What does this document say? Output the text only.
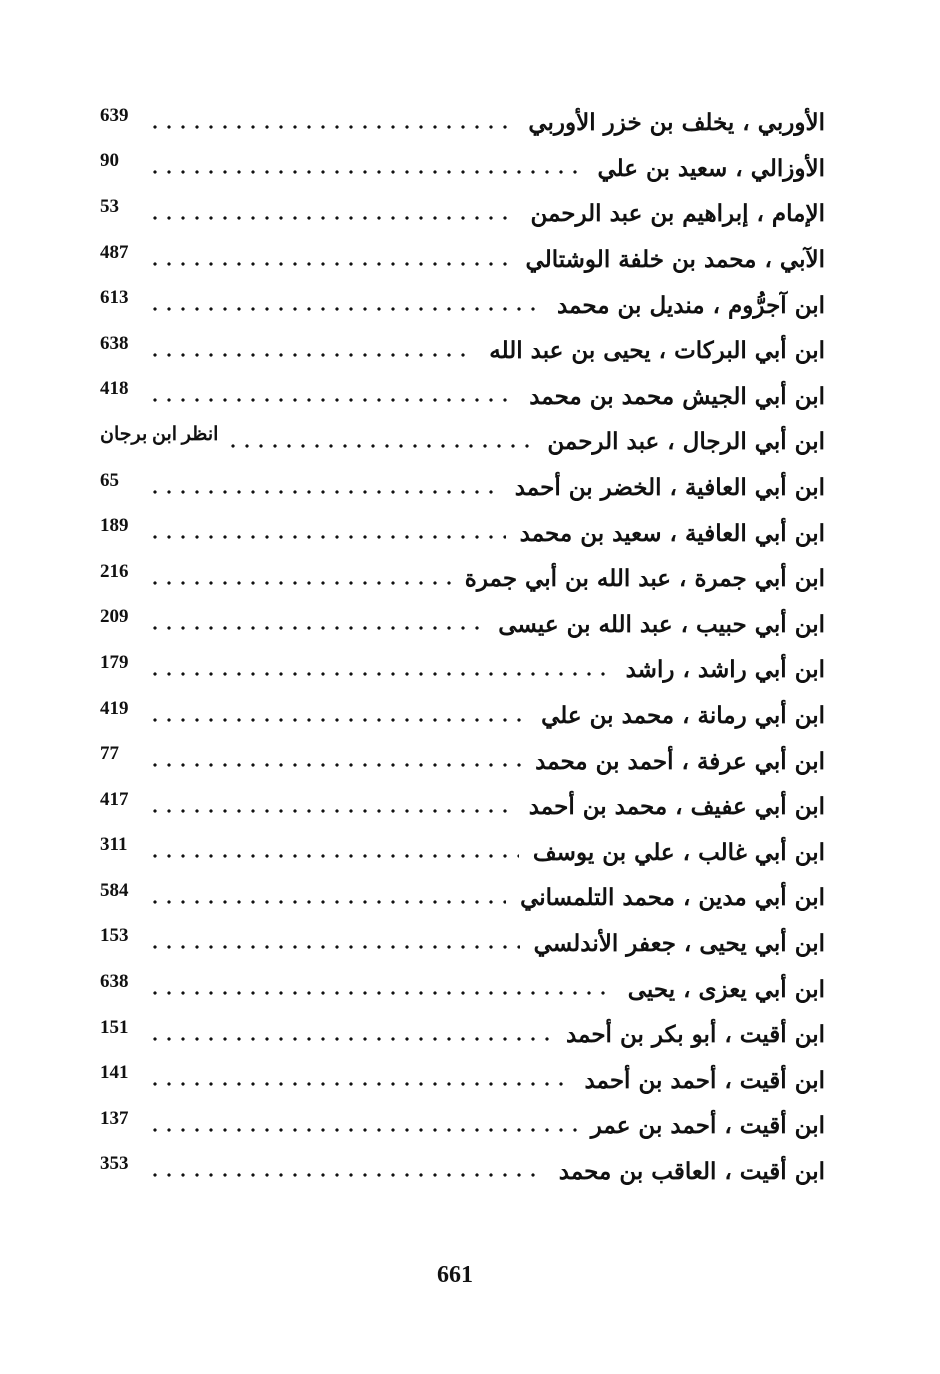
الأوربي ، يخلف بن خزر الأوربي
639
الأوزالي ، سعيد بن علي
90
الإمام ، إبراهيم بن عبد الرحمن
53
الآبي ، محمد بن خلفة الوشتالي
487
ابن آجرُّوم ، منديل بن محمد
613
ابن أبي البركات ، يحيى بن عبد الله
638
ابن أبي الجيش محمد بن محمد
418
ابن أبي الرجال ، عبد الرحمن
انظر ابن برجان
ابن أبي العافية ، الخضر بن أحمد
65
ابن أبي العافية ، سعيد بن محمد
189
ابن أبي جمرة ، عبد الله بن أبي جمرة
216
ابن أبي حبيب ، عبد الله بن عيسى
209
ابن أبي راشد ، راشد
179
ابن أبي رمانة ، محمد بن علي
419
ابن أبي عرفة ، أحمد بن محمد
77
ابن أبي عفيف ، محمد بن أحمد
417
ابن أبي غالب ، علي بن يوسف
311
ابن أبي مدين ، محمد التلمساني
584
ابن أبي يحيى ، جعفر الأندلسي
153
ابن أبي يعزى ، يحيى
638
ابن أقيت ، أبو بكر بن أحمد
151
ابن أقيت ، أحمد بن أحمد
141
ابن أقيت ، أحمد بن عمر
137
ابن أقيت ، العاقب بن محمد
353
661
